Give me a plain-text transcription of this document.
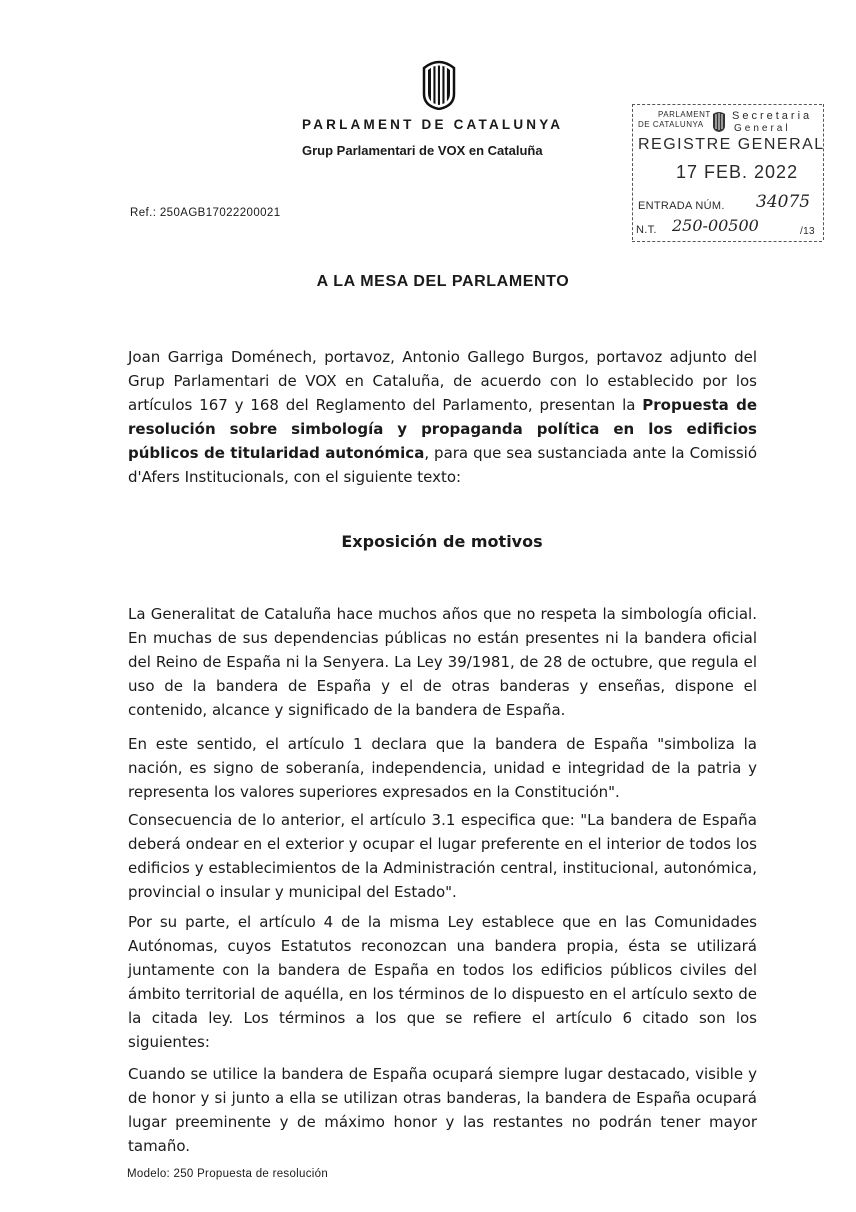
PARLAMENT DE CATALUNYA
Grup Parlamentari de VOX en Cataluña
PARLAMENT
DE CATALUNYA
Secretaria
General
REGISTRE GENERAL
17 FEB. 2022
ENTRADA NÚM. 34075
N.T. 250-00500	/13
Ref.: 250AGB17022200021
A LA MESA DEL PARLAMENTO
Joan Garriga Doménech, portavoz, Antonio Gallego Burgos, portavoz adjunto del Grup Parlamentari de VOX en Cataluña, de acuerdo con lo establecido por los artículos 167 y 168 del Reglamento del Parlamento, presentan la Propuesta de resolución sobre simbología y propaganda política en los edificios públicos de titularidad autonómica, para que sea sustanciada ante la Comissió d'Afers Institucionals, con el siguiente texto:
Exposición de motivos
La Generalitat de Cataluña hace muchos años que no respeta la simbología oficial. En muchas de sus dependencias públicas no están presentes ni la bandera oficial del Reino de España ni la Senyera. La Ley 39/1981, de 28 de octubre, que regula el uso de la bandera de España y el de otras banderas y enseñas, dispone el contenido, alcance y significado de la bandera de España.
En este sentido, el artículo 1 declara que la bandera de España "simboliza la nación, es signo de soberanía, independencia, unidad e integridad de la patria y representa los valores superiores expresados en la Constitución".
Consecuencia de lo anterior, el artículo 3.1 especifica que: "La bandera de España deberá ondear en el exterior y ocupar el lugar preferente en el interior de todos los edificios y establecimientos de la Administración central, institucional, autonómica, provincial o insular y municipal del Estado".
Por su parte, el artículo 4 de la misma Ley establece que en las Comunidades Autónomas, cuyos Estatutos reconozcan una bandera propia, ésta se utilizará juntamente con la bandera de España en todos los edificios públicos civiles del ámbito territorial de aquélla, en los términos de lo dispuesto en el artículo sexto de la citada ley. Los términos a los que se refiere el artículo 6 citado son los siguientes:
Cuando se utilice la bandera de España ocupará siempre lugar destacado, visible y de honor y si junto a ella se utilizan otras banderas, la bandera de España ocupará lugar preeminente y de máximo honor y las restantes no podrán tener mayor tamaño.
Modelo: 250 Propuesta de resolución
